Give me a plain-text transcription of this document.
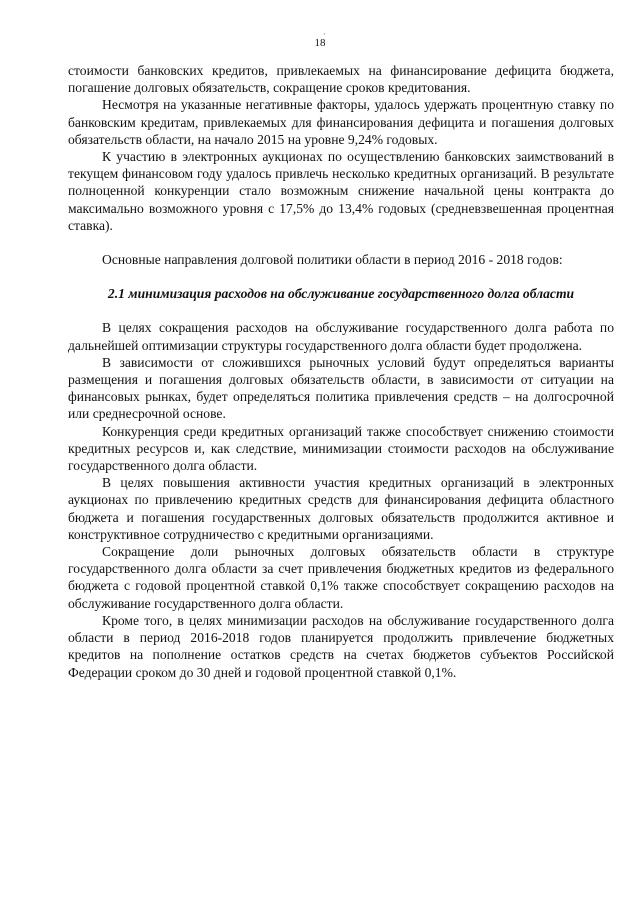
·
18

стоимости банковских кредитов, привлекаемых на финансирование дефицита бюджета, погашение долговых обязательств, сокращение сроков кредитования.

Несмотря на указанные негативные факторы, удалось удержать процентную ставку по банковским кредитам, привлекаемых для финансирования дефицита и погашения долговых обязательств области, на начало 2015 на уровне 9,24% годовых.

К участию в электронных аукционах по осуществлению банковских заимствований в текущем финансовом году удалось привлечь несколько кредитных организаций. В результате полноценной конкуренции стало возможным снижение начальной цены контракта до максимально возможного уровня с 17,5% до 13,4% годовых (средневзвешенная процентная ставка).

Основные направления долговой политики области в период 2016 - 2018 годов:

2.1 минимизация расходов на обслуживание государственного долга области

В целях сокращения расходов на обслуживание государственного долга работа по дальнейшей оптимизации структуры государственного долга области будет продолжена.

В зависимости от сложившихся рыночных условий будут определяться варианты размещения и погашения долговых обязательств области, в зависимости от ситуации на финансовых рынках, будет определяться политика привлечения средств – на долгосрочной или среднесрочной основе.

Конкуренция среди кредитных организаций также способствует снижению стоимости кредитных ресурсов и, как следствие, минимизации стоимости расходов на обслуживание государственного долга области.

В целях повышения активности участия кредитных организаций в электронных аукционах по привлечению кредитных средств для финансирования дефицита областного бюджета и погашения государственных долговых обязательств продолжится активное и конструктивное сотрудничество с кредитными организациями.

Сокращение доли рыночных долговых обязательств области в структуре государственного долга области за счет привлечения бюджетных кредитов из федерального бюджета с годовой процентной ставкой 0,1% также способствует сокращению расходов на обслуживание государственного долга области.

Кроме того, в целях минимизации расходов на обслуживание государственного долга области в период 2016-2018 годов планируется продолжить привлечение бюджетных кредитов на пополнение остатков средств на счетах бюджетов субъектов Российской Федерации сроком до 30 дней и годовой процентной ставкой 0,1%.
